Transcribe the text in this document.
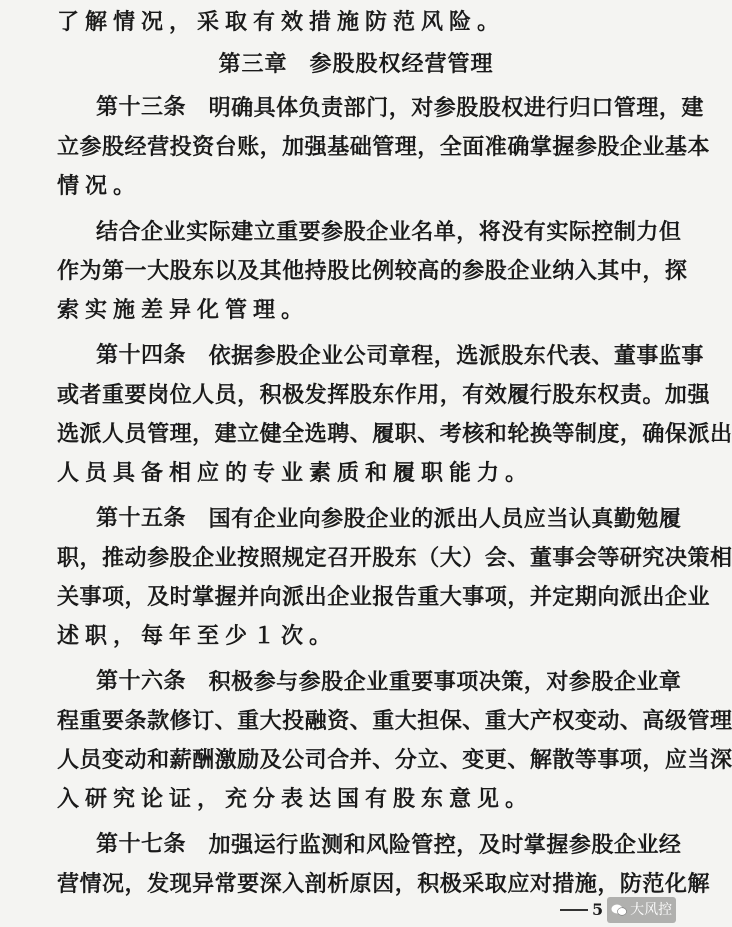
了解情况，采取有效措施防范风险。
第三章 参股股权经营管理
第 十 三 条
　 明 确 具 体 负 责 部 门 ， 对 参 股 股 权 进 行 归 口 管 理 ， 建
立 参 股 经 营 投 资 台 账 ， 加 强 基 础 管 理 ， 全 面 准 确 掌 握 参 股 企 业 基 本
情况。
结 合 企 业 实 际 建 立 重 要 参 股 企 业 名 单 ， 将 没 有 实 际 控 制 力 但
作 为 第 一 大 股 东 以 及 其 他 持 股 比 例 较 高 的 参 股 企 业 纳 入 其 中 ， 探
索实施差异化管理。
第 十 四 条
　 依 据 参 股 企 业 公 司 章 程 ， 选 派 股 东 代 表 、 董 事 监 事
或 者 重 要 岗 位 人 员 ， 积 极 发 挥 股 东 作 用 ， 有 效 履 行 股 东 权 责 。 加 强
选 派 人 员 管 理 ， 建 立 健 全 选 聘 、 履 职 、 考 核 和 轮 换 等 制 度 ， 确 保 派 出
人员具备相应的专业素质和履职能力。
第 十 五 条
　 国 有 企 业 向 参 股 企 业 的 派 出 人 员 应 当 认 真 勤 勉 履
职 ， 推 动 参 股 企 业 按 照 规 定 召 开 股 东 （ 大 ） 会 、 董 事 会 等 研 究 决 策 相
关 事 项 ， 及 时 掌 握 并 向 派 出 企 业 报 告 重 大 事 项 ， 并 定 期 向 派 出 企 业
述职，每年至少１次。
第 十 六 条
　 积 极 参 与 参 股 企 业 重 要 事 项 决 策 ， 对 参 股 企 业 章
程 重 要 条 款 修 订 、 重 大 投 融 资 、 重 大 担 保 、 重 大 产 权 变 动 、 高 级 管 理
人 员 变 动 和 薪 酬 激 励 及 公 司 合 并 、 分 立 、 变 更 、 解 散 等 事 项 ， 应 当 深
入研究论证，充分表达国有股东意见。
第 十 七 条
　 加 强 运 行 监 测 和 风 险 管 控 ， 及 时 掌 握 参 股 企 业 经
营 情 况 ， 发 现 异 常 要 深 入 剖 析 原 因 ， 积 极 采 取 应 对 措 施 ， 防 范 化 解
5 大风控
